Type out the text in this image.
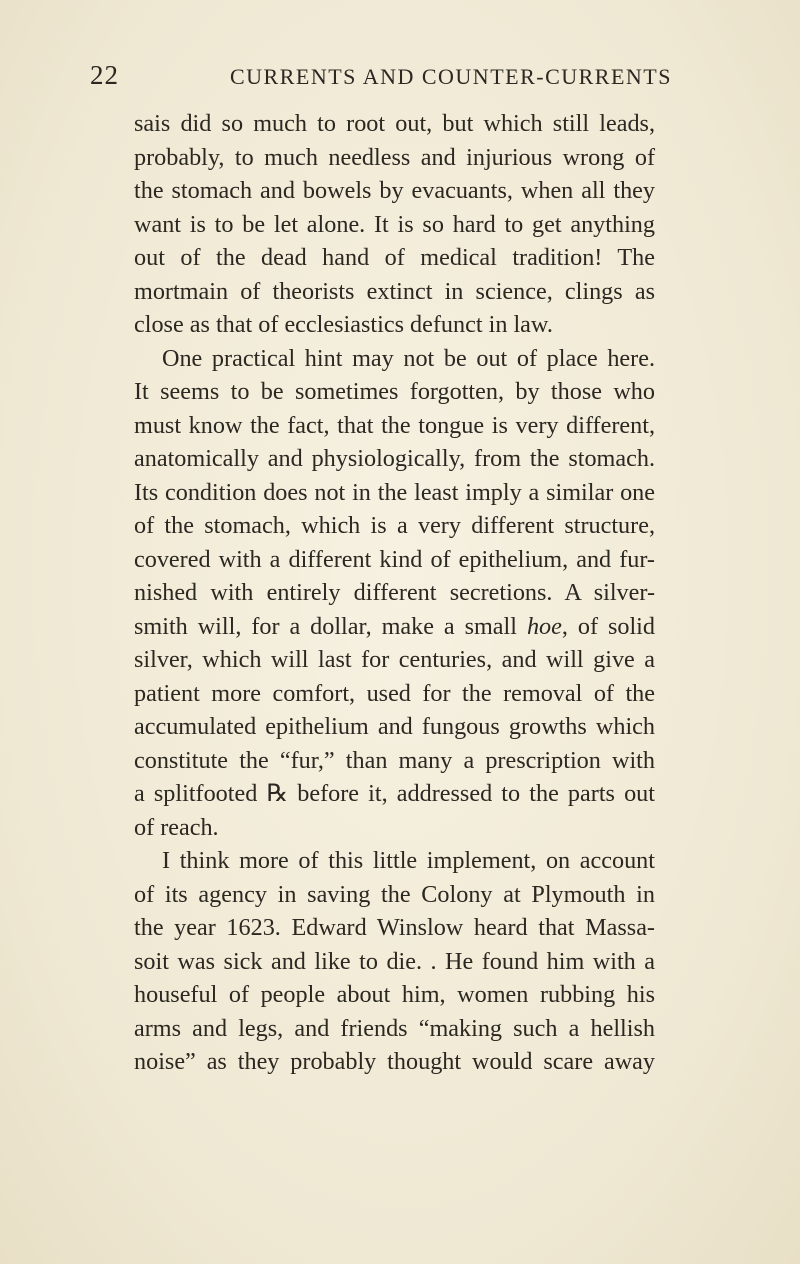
22	CURRENTS AND COUNTER-CURRENTS
sais did so much to root out, but which still leads,
probably, to much needless and injurious wrong of
the stomach and bowels by evacuants, when all they
want is to be let alone. It is so hard to get anything
out of the dead hand of medical tradition! The
mortmain of theorists extinct in science, clings as
close as that of ecclesiastics defunct in law.
One practical hint may not be out of place here.
It seems to be sometimes forgotten, by those who
must know the fact, that the tongue is very different,
anatomically and physiologically, from the stomach.
Its condition does not in the least imply a similar one
of the stomach, which is a very different structure,
covered with a different kind of epithelium, and fur-
nished with entirely different secretions. A silver-
smith will, for a dollar, make a small hoe, of solid
silver, which will last for centuries, and will give a
patient more comfort, used for the removal of the
accumulated epithelium and fungous growths which
constitute the “fur,” than many a prescription with
a splitfooted ℞ before it, addressed to the parts out
of reach.
I think more of this little implement, on account
of its agency in saving the Colony at Plymouth in
the year 1623. Edward Winslow heard that Massa-
soit was sick and like to die. . He found him with a
houseful of people about him, women rubbing his
arms and legs, and friends “making such a hellish
noise” as they probably thought would scare away
